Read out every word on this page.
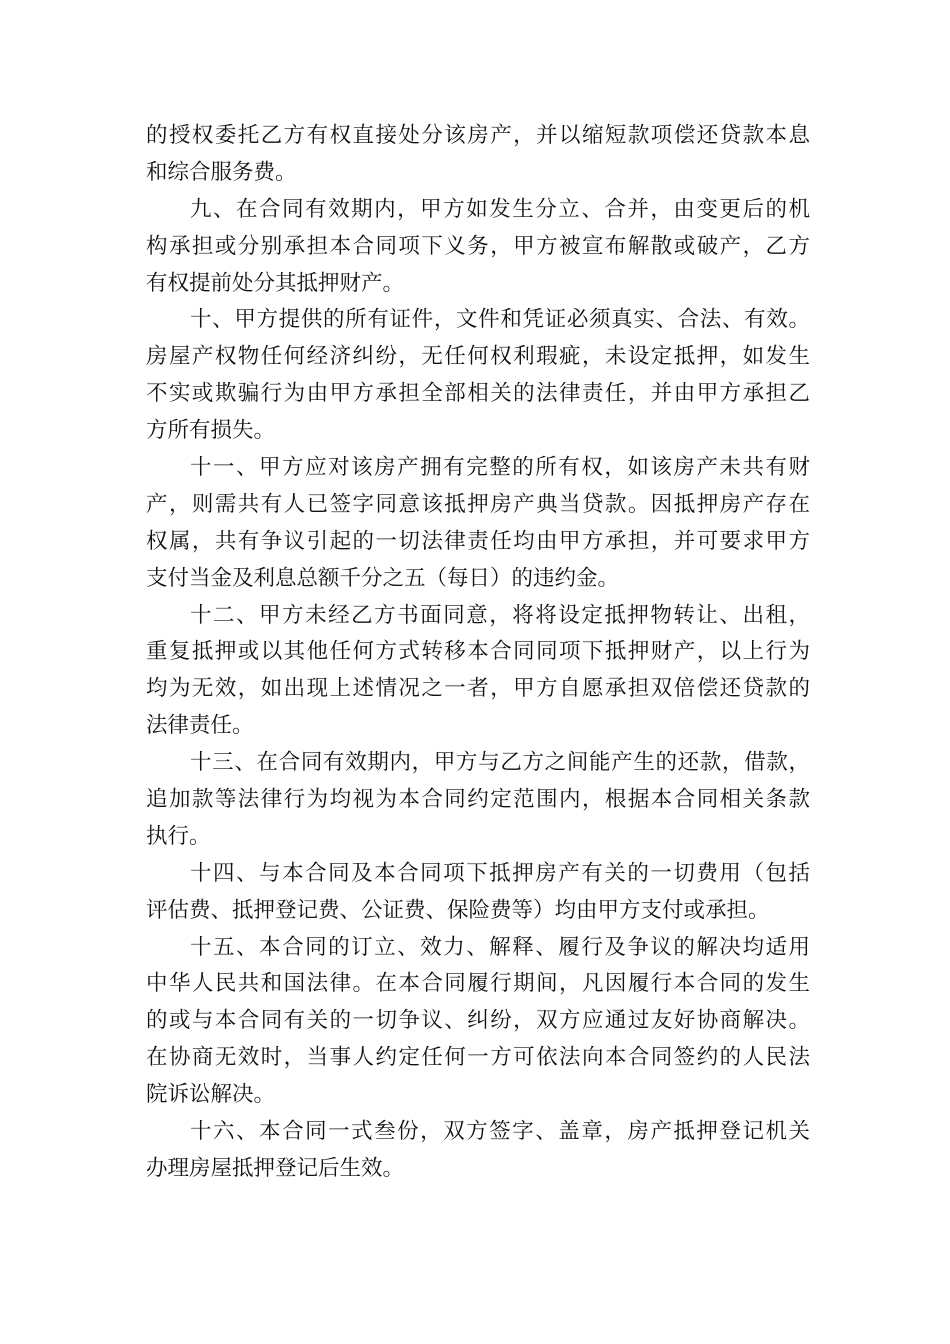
的授权委托乙方有权直接处分该房产，并以缩短款项偿还贷款本息
和综合服务费。
九、在合同有效期内，甲方如发生分立、合并，由变更后的机
构承担或分别承担本合同项下义务，甲方被宣布解散或破产，乙方
有权提前处分其抵押财产。
十、甲方提供的所有证件，文件和凭证必须真实、合法、有效。
房屋产权物任何经济纠纷，无任何权利瑕疵，未设定抵押，如发生
不实或欺骗行为由甲方承担全部相关的法律责任，并由甲方承担乙
方所有损失。
十一、甲方应对该房产拥有完整的所有权，如该房产未共有财
产，则需共有人已签字同意该抵押房产典当贷款。因抵押房产存在
权属，共有争议引起的一切法律责任均由甲方承担，并可要求甲方
支付当金及利息总额千分之五（每日）的违约金。
十二、甲方未经乙方书面同意，将将设定抵押物转让、出租，
重复抵押或以其他任何方式转移本合同同项下抵押财产，以上行为
均为无效，如出现上述情况之一者，甲方自愿承担双倍偿还贷款的
法律责任。
十三、在合同有效期内，甲方与乙方之间能产生的还款，借款，
追加款等法律行为均视为本合同约定范围内，根据本合同相关条款
执行。
十四、与本合同及本合同项下抵押房产有关的一切费用（包括
评估费、抵押登记费、公证费、保险费等）均由甲方支付或承担。
十五、本合同的订立、效力、解释、履行及争议的解决均适用
中华人民共和国法律。在本合同履行期间，凡因履行本合同的发生
的或与本合同有关的一切争议、纠纷，双方应通过友好协商解决。
在协商无效时，当事人约定任何一方可依法向本合同签约的人民法
院诉讼解决。
十六、本合同一式叁份，双方签字、盖章，房产抵押登记机关
办理房屋抵押登记后生效。
